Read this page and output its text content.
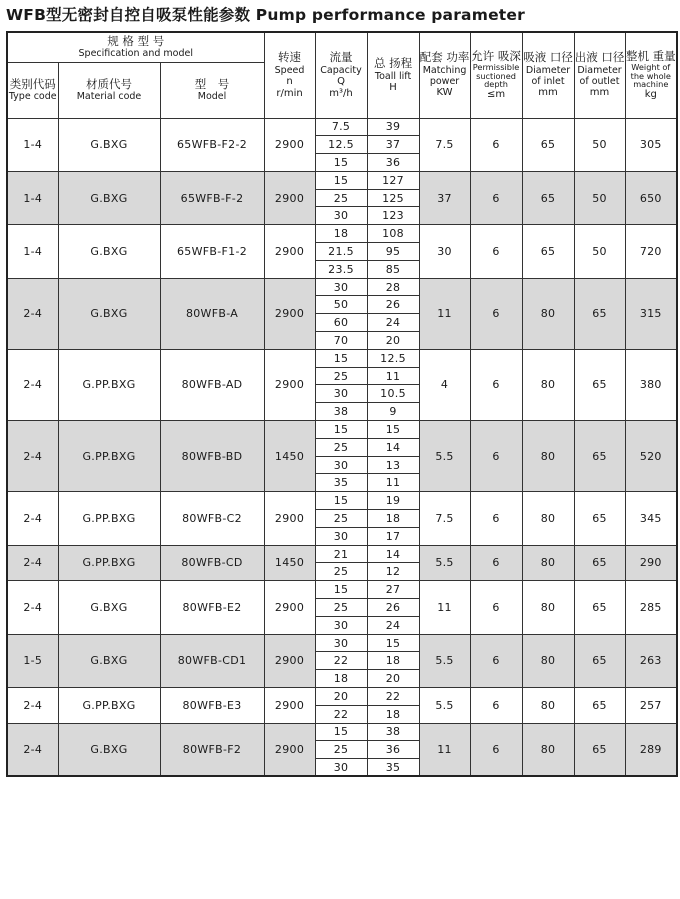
WFB型无密封自控自吸泵性能参数 Pump performance parameter
规 格 型 号
Specification and model			转速
Speed
n
r/min	流量
Capacity
Q
m³/h	总 扬程
Toall lift
H	配套 功率
Matching power
KW	允许 吸深
Permissible suctioned depth
≤m	吸液 口径
Diameter of inlet
mm	出液 口径
Diameter of outlet
mm	整机 重量
Weight of the whole machine
kg

类别代码
Type code	材质代号
Material code	型　号
Model								

1-4	G.BXG	65WFB-F2-2	2900	7.5	39	7.5	6	65	50	305
				12.5	37					
				15	36					
1-4	G.BXG	65WFB-F-2	2900	15	127	37	6	65	50	650
				25	125					
				30	123					
1-4	G.BXG	65WFB-F1-2	2900	18	108	30	6	65	50	720
				21.5	95					
				23.5	85					
2-4	G.BXG	80WFB-A	2900	30	28	11	6	80	65	315
				50	26					
				60	24					
				70	20					
2-4	G.PP.BXG	80WFB-AD	2900	15	12.5	4	6	80	65	380
				25	11					
				30	10.5					
				38	9					
2-4	G.PP.BXG	80WFB-BD	1450	15	15	5.5	6	80	65	520
				25	14					
				30	13					
				35	11					
2-4	G.PP.BXG	80WFB-C2	2900	15	19	7.5	6	80	65	345
				25	18					
				30	17					
2-4	G.PP.BXG	80WFB-CD	1450	21	14	5.5	6	80	65	290
				25	12					
2-4	G.BXG	80WFB-E2	2900	15	27	11	6	80	65	285
				25	26					
				30	24					
1-5	G.BXG	80WFB-CD1	2900	30	15	5.5	6	80	65	263
				22	18					
				18	20					
2-4	G.PP.BXG	80WFB-E3	2900	20	22	5.5	6	80	65	257
				22	18					
2-4	G.BXG	80WFB-F2	2900	15	38	11	6	80	65	289
				25	36					
				30	35					
